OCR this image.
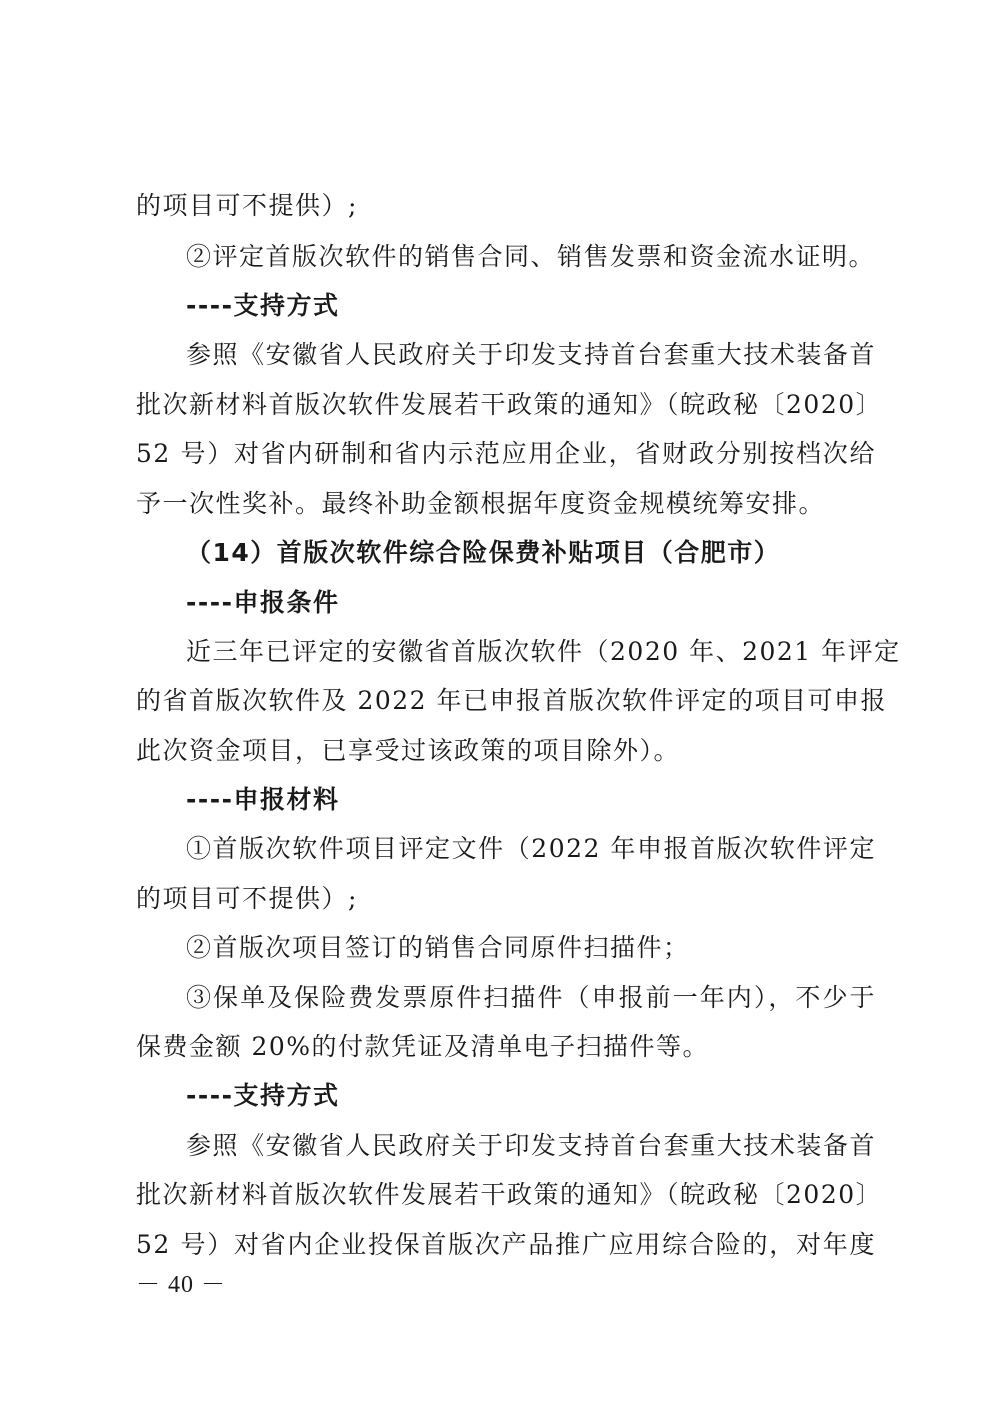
的项目可不提供）;
②评定首版次软件的销售合同、销售发票和资金流水证明。
----支持方式
参照《安徽省人民政府关于印发支持首台套重大技术装备首
批次新材料首版次软件发展若干政策的通知》（皖政秘〔2020〕
52 号）对省内研制和省内示范应用企业，省财政分别按档次给
予一次性奖补。最终补助金额根据年度资金规模统筹安排。
（14）首版次软件综合险保费补贴项目（合肥市）
----申报条件
近三年已评定的安徽省首版次软件（2020 年、2021 年评定
的省首版次软件及 2022 年已申报首版次软件评定的项目可申报
此次资金项目，已享受过该政策的项目除外）。
----申报材料
①首版次软件项目评定文件（2022 年申报首版次软件评定
的项目可不提供）;
②首版次项目签订的销售合同原件扫描件；
③保单及保险费发票原件扫描件（申报前一年内），不少于
保费金额 20%的付款凭证及清单电子扫描件等。
----支持方式
参照《安徽省人民政府关于印发支持首台套重大技术装备首
批次新材料首版次软件发展若干政策的通知》（皖政秘〔2020〕
52 号）对省内企业投保首版次产品推广应用综合险的，对年度
－ 40 －
